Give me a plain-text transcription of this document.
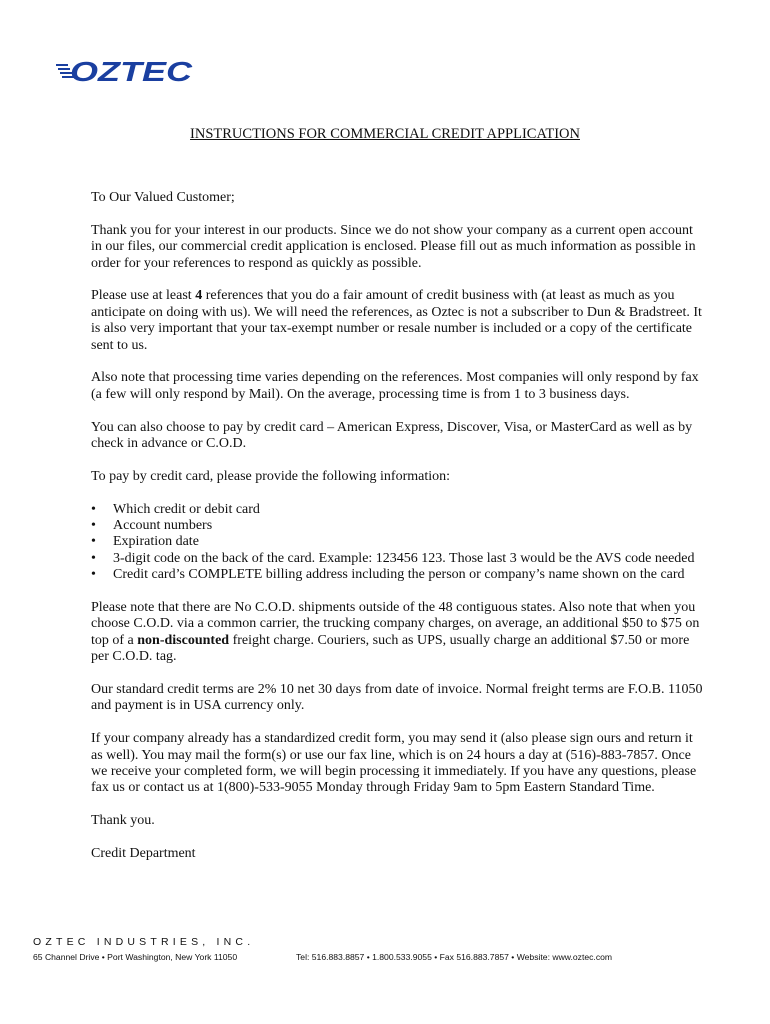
OZTEC
INSTRUCTIONS FOR COMMERCIAL CREDIT APPLICATION

To Our Valued Customer;

Thank you for your interest in our products. Since we do not show your company as a current open account in our files, our commercial credit application is enclosed. Please fill out as much information as possible in order for your references to respond as quickly as possible.

Please use at least 4 references that you do a fair amount of credit business with (at least as much as you anticipate on doing with us). We will need the references, as Oztec is not a subscriber to Dun & Bradstreet. It is also very important that your tax-exempt number or resale number is included or a copy of the certificate sent to us.

Also note that processing time varies depending on the references. Most companies will only respond by fax (a few will only respond by Mail). On the average, processing time is from 1 to 3 business days.

You can also choose to pay by credit card – American Express, Discover, Visa, or MasterCard as well as by check in advance or C.O.D.

To pay by credit card, please provide the following information:

• Which credit or debit card
• Account numbers
• Expiration date
• 3-digit code on the back of the card. Example: 123456 123. Those last 3 would be the AVS code needed
• Credit card’s COMPLETE billing address including the person or company’s name shown on the card

Please note that there are No C.O.D. shipments outside of the 48 contiguous states. Also note that when you choose C.O.D. via a common carrier, the trucking company charges, on average, an additional $50 to $75 on top of a non-discounted freight charge. Couriers, such as UPS, usually charge an additional $7.50 or more per C.O.D. tag.

Our standard credit terms are 2% 10 net 30 days from date of invoice. Normal freight terms are F.O.B. 11050 and payment is in USA currency only.

If your company already has a standardized credit form, you may send it (also please sign ours and return it as well). You may mail the form(s) or use our fax line, which is on 24 hours a day at (516)-883-7857. Once we receive your completed form, we will begin processing it immediately. If you have any questions, please fax us or contact us at 1(800)-533-9055 Monday through Friday 9am to 5pm Eastern Standard Time.

Thank you.

Credit Department

OZTEC INDUSTRIES, INC.
65 Channel Drive • Port Washington, New York 11050	Tel: 516.883.8857 • 1.800.533.9055 • Fax 516.883.7857 • Website: www.oztec.com
